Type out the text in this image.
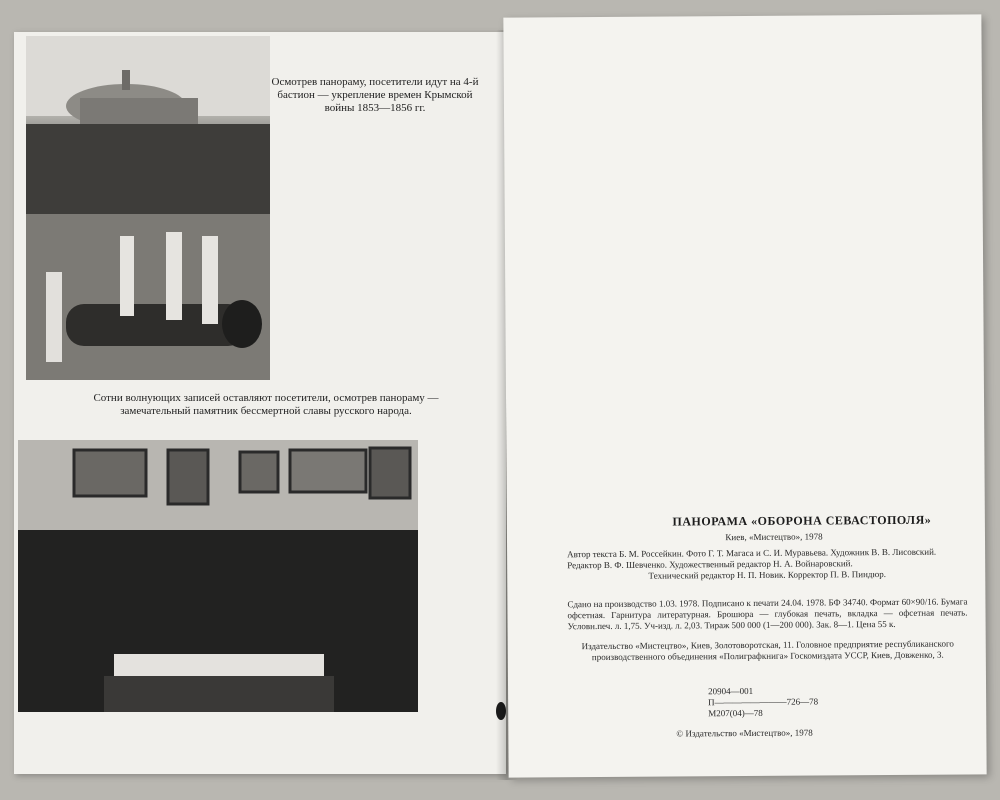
Осмотрев панораму, посетители идут на 4-й бастион — укрепление времен Крымской войны 1853—1856 гг.
Сотни волнующих записей оставляют посетители, осмотрев панораму — замечательный памятник бессмертной славы русского народа.
ПАНОРАМА «ОБОРОНА СЕВАСТОПОЛЯ»
Киев, «Мистецтво», 1978
Автор текста Б. М. Россейкин. Фото Г. Т. Магаса и С. И. Муравьева. Художник В. В. Лисовский. Редактор В. Ф. Шевченко. Художественный редактор Н. А. Войнаровский.
Технический редактор Н. П. Новик. Корректор П. В. Пиндюр.
Сдано на производство 1.03. 1978. Подписано к печати 24.04. 1978. БФ 34740. Формат 60×90/16. Бумага офсетная. Гарнитура литературная. Брошюра — глубокая печать, вкладка — офсетная печать. Условн.печ. л. 1,75. Уч-изд. л. 2,03. Тираж 500 000 (1—200 000). Зак. 8—1. Цена 55 к.
Издательство «Мистецтво», Киев, Золотоворотская, 11. Головное предприятие республиканского производственного объединения «Полиграфкнига» Госкомиздата УССР, Киев, Довженко, 3.
20904—001
П————————726—78
М207(04)—78
© Издательство «Мистецтво», 1978
